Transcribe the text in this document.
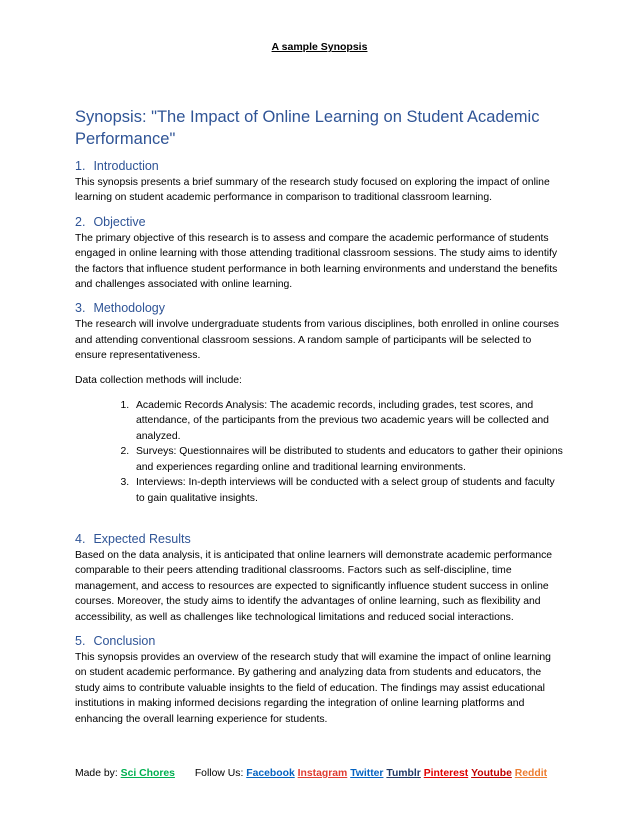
A sample Synopsis
Synopsis: "The Impact of Online Learning on Student Academic Performance"
1. Introduction

This synopsis presents a brief summary of the research study focused on exploring the impact of online learning on student academic performance in comparison to traditional classroom learning.

2. Objective

The primary objective of this research is to assess and compare the academic performance of students engaged in online learning with those attending traditional classroom sessions. The study aims to identify the factors that influence student performance in both learning environments and understand the benefits and challenges associated with online learning.

3. Methodology

The research will involve undergraduate students from various disciplines, both enrolled in online courses and attending conventional classroom sessions. A random sample of participants will be selected to ensure representativeness.

Data collection methods will include:

1. Academic Records Analysis: The academic records, including grades, test scores, and attendance, of the participants from the previous two academic years will be collected and analyzed.
2. Surveys: Questionnaires will be distributed to students and educators to gather their opinions and experiences regarding online and traditional learning environments.
3. Interviews: In-depth interviews will be conducted with a select group of students and faculty to gain qualitative insights.
4. Expected Results

Based on the data analysis, it is anticipated that online learners will demonstrate academic performance comparable to their peers attending traditional classrooms. Factors such as self-discipline, time management, and access to resources are expected to significantly influence student success in online courses. Moreover, the study aims to identify the advantages of online learning, such as flexibility and accessibility, as well as challenges like technological limitations and reduced social interactions.

5. Conclusion

This synopsis provides an overview of the research study that will examine the impact of online learning on student academic performance. By gathering and analyzing data from students and educators, the study aims to contribute valuable insights to the field of education. The findings may assist educational institutions in making informed decisions regarding the integration of online learning platforms and enhancing the overall learning experience for students.

Made by: Sci Chores Follow Us: Facebook Instagram Twitter Tumblr Pinterest Youtube Reddit
